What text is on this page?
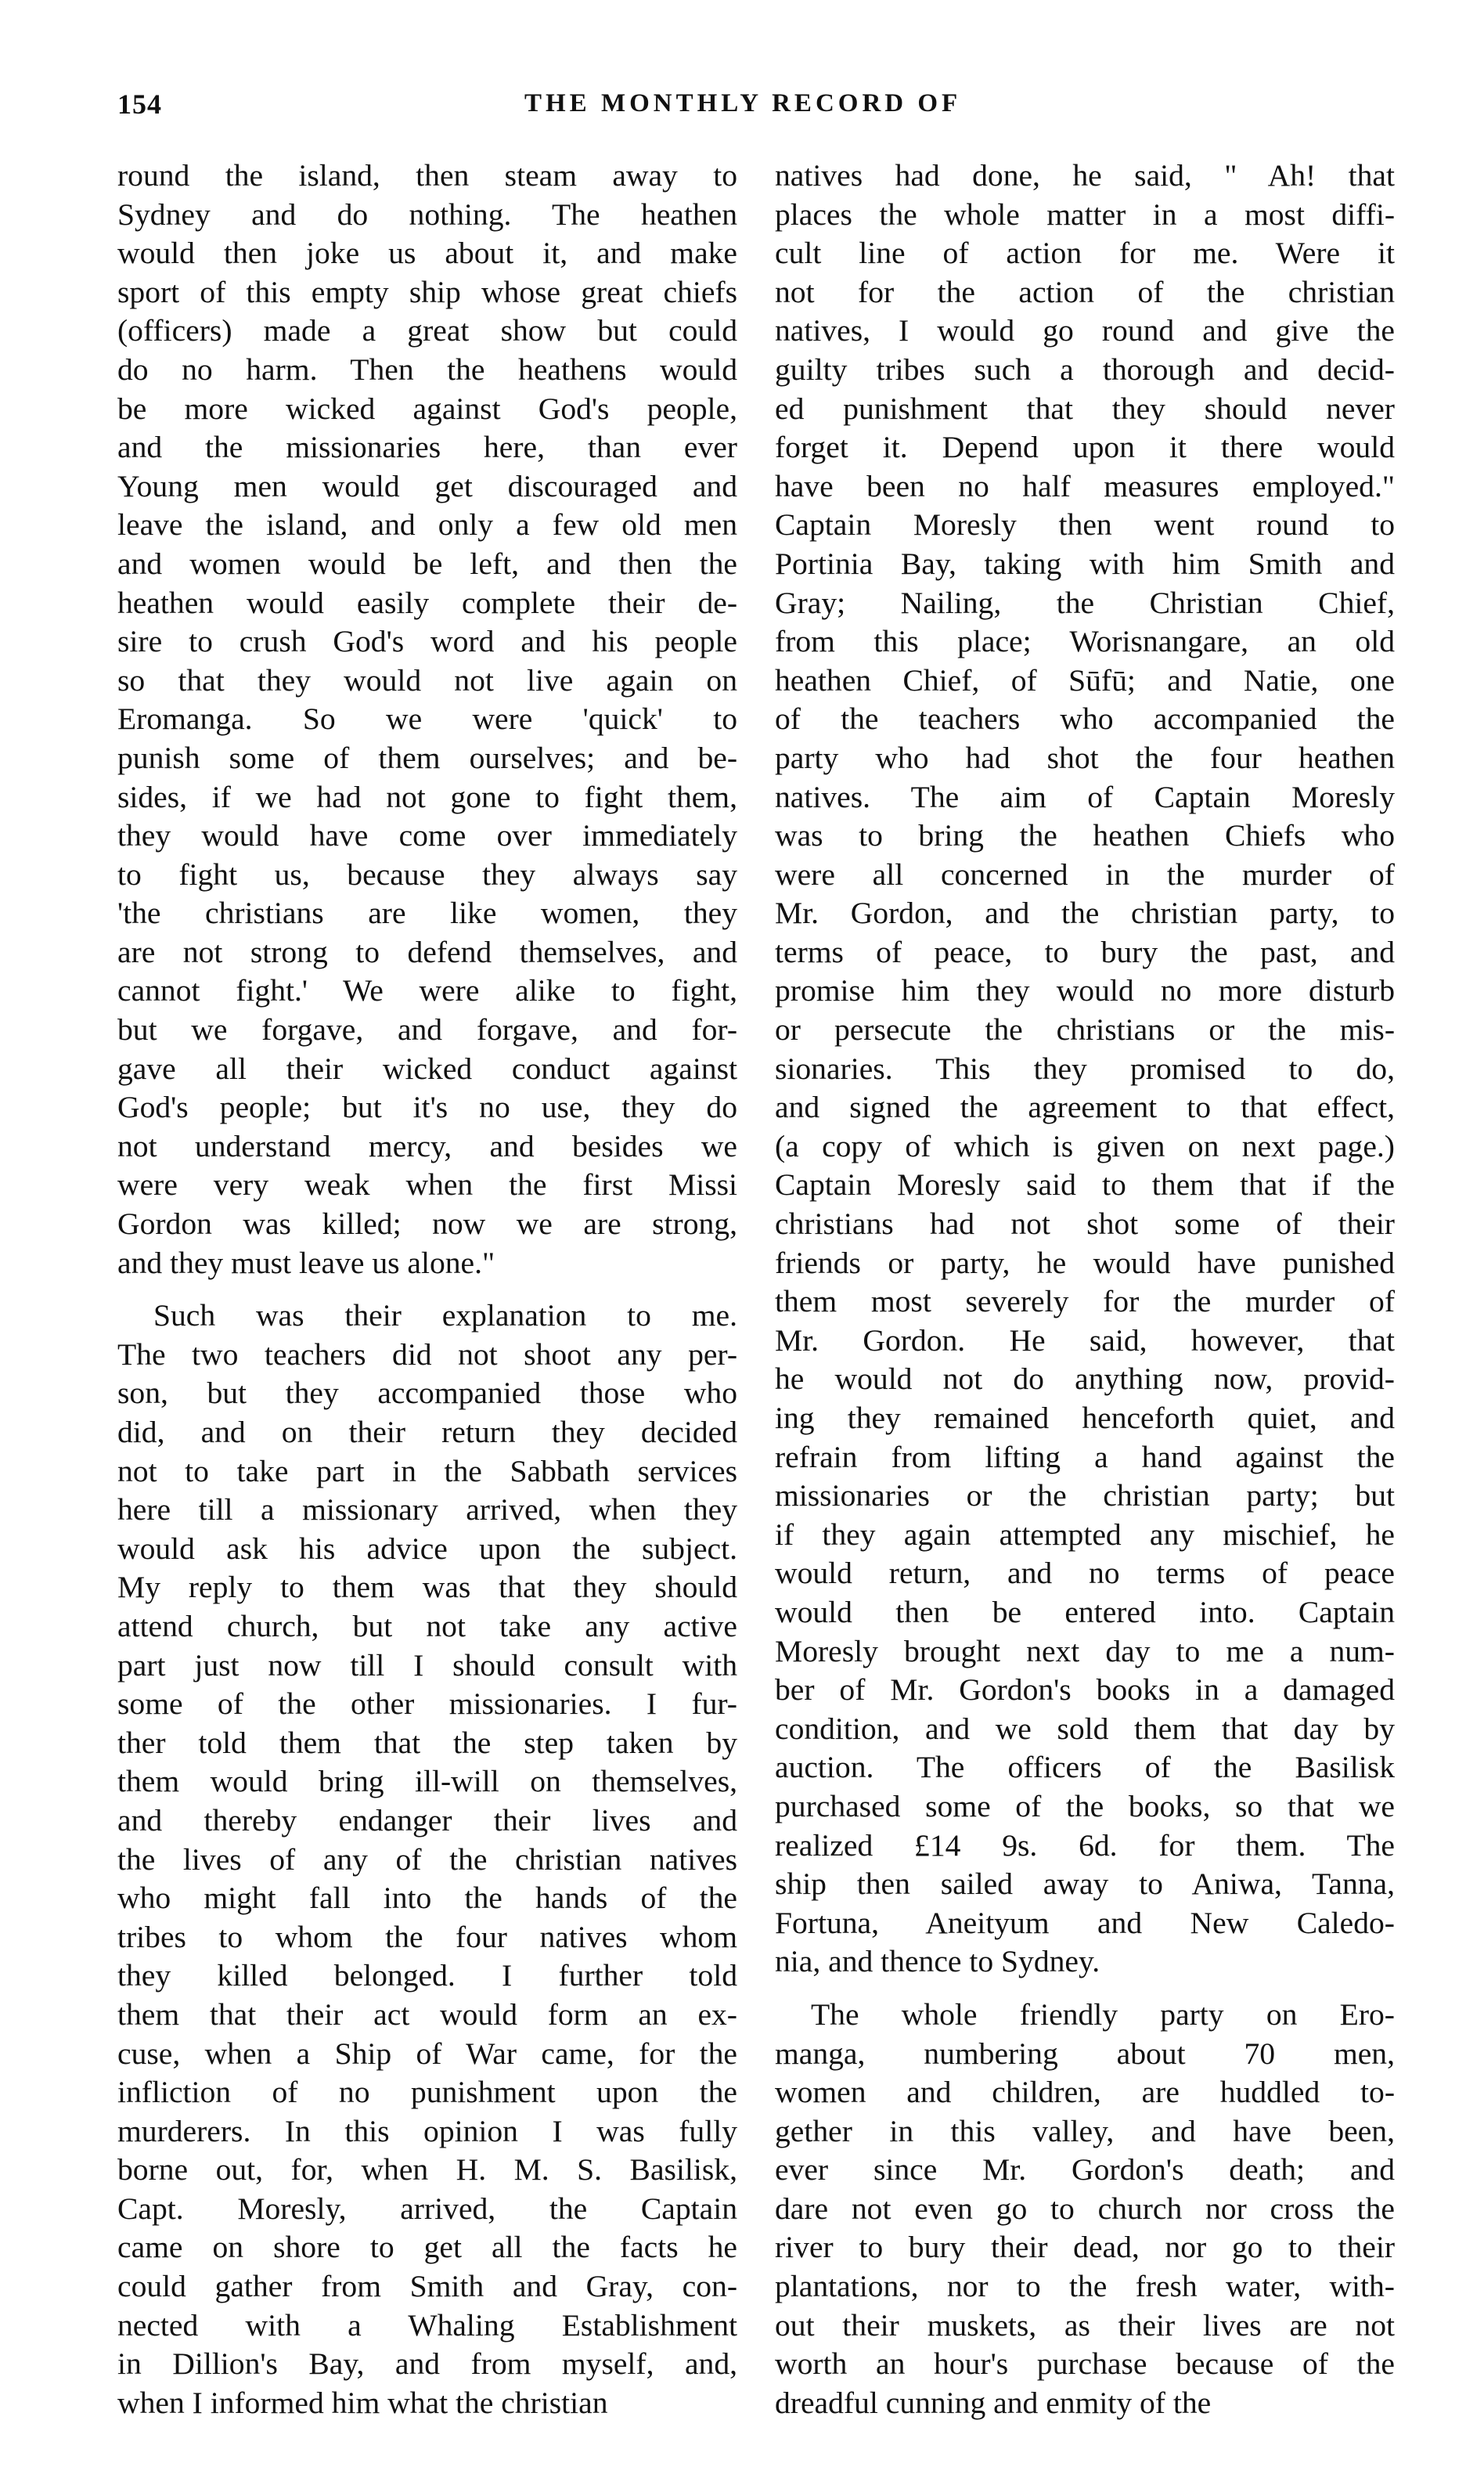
154	THE MONTHLY RECORD OF
round the island, then steam away to
Sydney and do nothing. The heathen
would then joke us about it, and make
sport of this empty ship whose great chiefs
(officers) made a great show but could
do no harm. Then the heathens would
be more wicked against God's people,
and the missionaries here, than ever
Young men would get discouraged and
leave the island, and only a few old men
and women would be left, and then the
heathen would easily complete their de-
sire to crush God's word and his people
so that they would not live again on
Eromanga. So we were 'quick' to
punish some of them ourselves; and be-
sides, if we had not gone to fight them,
they would have come over immediately
to fight us, because they always say
'the christians are like women, they
are not strong to defend themselves, and
cannot fight.' We were alike to fight,
but we forgave, and forgave, and for-
gave all their wicked conduct against
God's people; but it's no use, they do
not understand mercy, and besides we
were very weak when the first Missi
Gordon was killed; now we are strong,
and they must leave us alone."
Such was their explanation to me.
The two teachers did not shoot any per-
son, but they accompanied those who
did, and on their return they decided
not to take part in the Sabbath services
here till a missionary arrived, when they
would ask his advice upon the subject.
My reply to them was that they should
attend church, but not take any active
part just now till I should consult with
some of the other missionaries. I fur-
ther told them that the step taken by
them would bring ill-will on themselves,
and thereby endanger their lives and
the lives of any of the christian natives
who might fall into the hands of the
tribes to whom the four natives whom
they killed belonged. I further told
them that their act would form an ex-
cuse, when a Ship of War came, for the
infliction of no punishment upon the
murderers. In this opinion I was fully
borne out, for, when H. M. S. Basilisk,
Capt. Moresly, arrived, the Captain
came on shore to get all the facts he
could gather from Smith and Gray, con-
nected with a Whaling Establishment
in Dillion's Bay, and from myself, and,
when I informed him what the christian
natives had done, he said, " Ah! that
places the whole matter in a most diffi-
cult line of action for me. Were it
not for the action of the christian
natives, I would go round and give the
guilty tribes such a thorough and decid-
ed punishment that they should never
forget it. Depend upon it there would
have been no half measures employed."
Captain Moresly then went round to
Portinia Bay, taking with him Smith and
Gray; Nailing, the Christian Chief,
from this place; Worisnangare, an old
heathen Chief, of Sūfū; and Natie, one
of the teachers who accompanied the
party who had shot the four heathen
natives. The aim of Captain Moresly
was to bring the heathen Chiefs who
were all concerned in the murder of
Mr. Gordon, and the christian party, to
terms of peace, to bury the past, and
promise him they would no more disturb
or persecute the christians or the mis-
sionaries. This they promised to do,
and signed the agreement to that effect,
(a copy of which is given on next page.)
Captain Moresly said to them that if the
christians had not shot some of their
friends or party, he would have punished
them most severely for the murder of
Mr. Gordon. He said, however, that
he would not do anything now, provid-
ing they remained henceforth quiet, and
refrain from lifting a hand against the
missionaries or the christian party; but
if they again attempted any mischief, he
would return, and no terms of peace
would then be entered into. Captain
Moresly brought next day to me a num-
ber of Mr. Gordon's books in a damaged
condition, and we sold them that day by
auction. The officers of the Basilisk
purchased some of the books, so that we
realized £14 9s. 6d. for them. The
ship then sailed away to Aniwa, Tanna,
Fortuna, Aneityum and New Caledo-
nia, and thence to Sydney.
The whole friendly party on Ero-
manga, numbering about 70 men,
women and children, are huddled to-
gether in this valley, and have been,
ever since Mr. Gordon's death; and
dare not even go to church nor cross the
river to bury their dead, nor go to their
plantations, nor to the fresh water, with-
out their muskets, as their lives are not
worth an hour's purchase because of the
dreadful cunning and enmity of the
